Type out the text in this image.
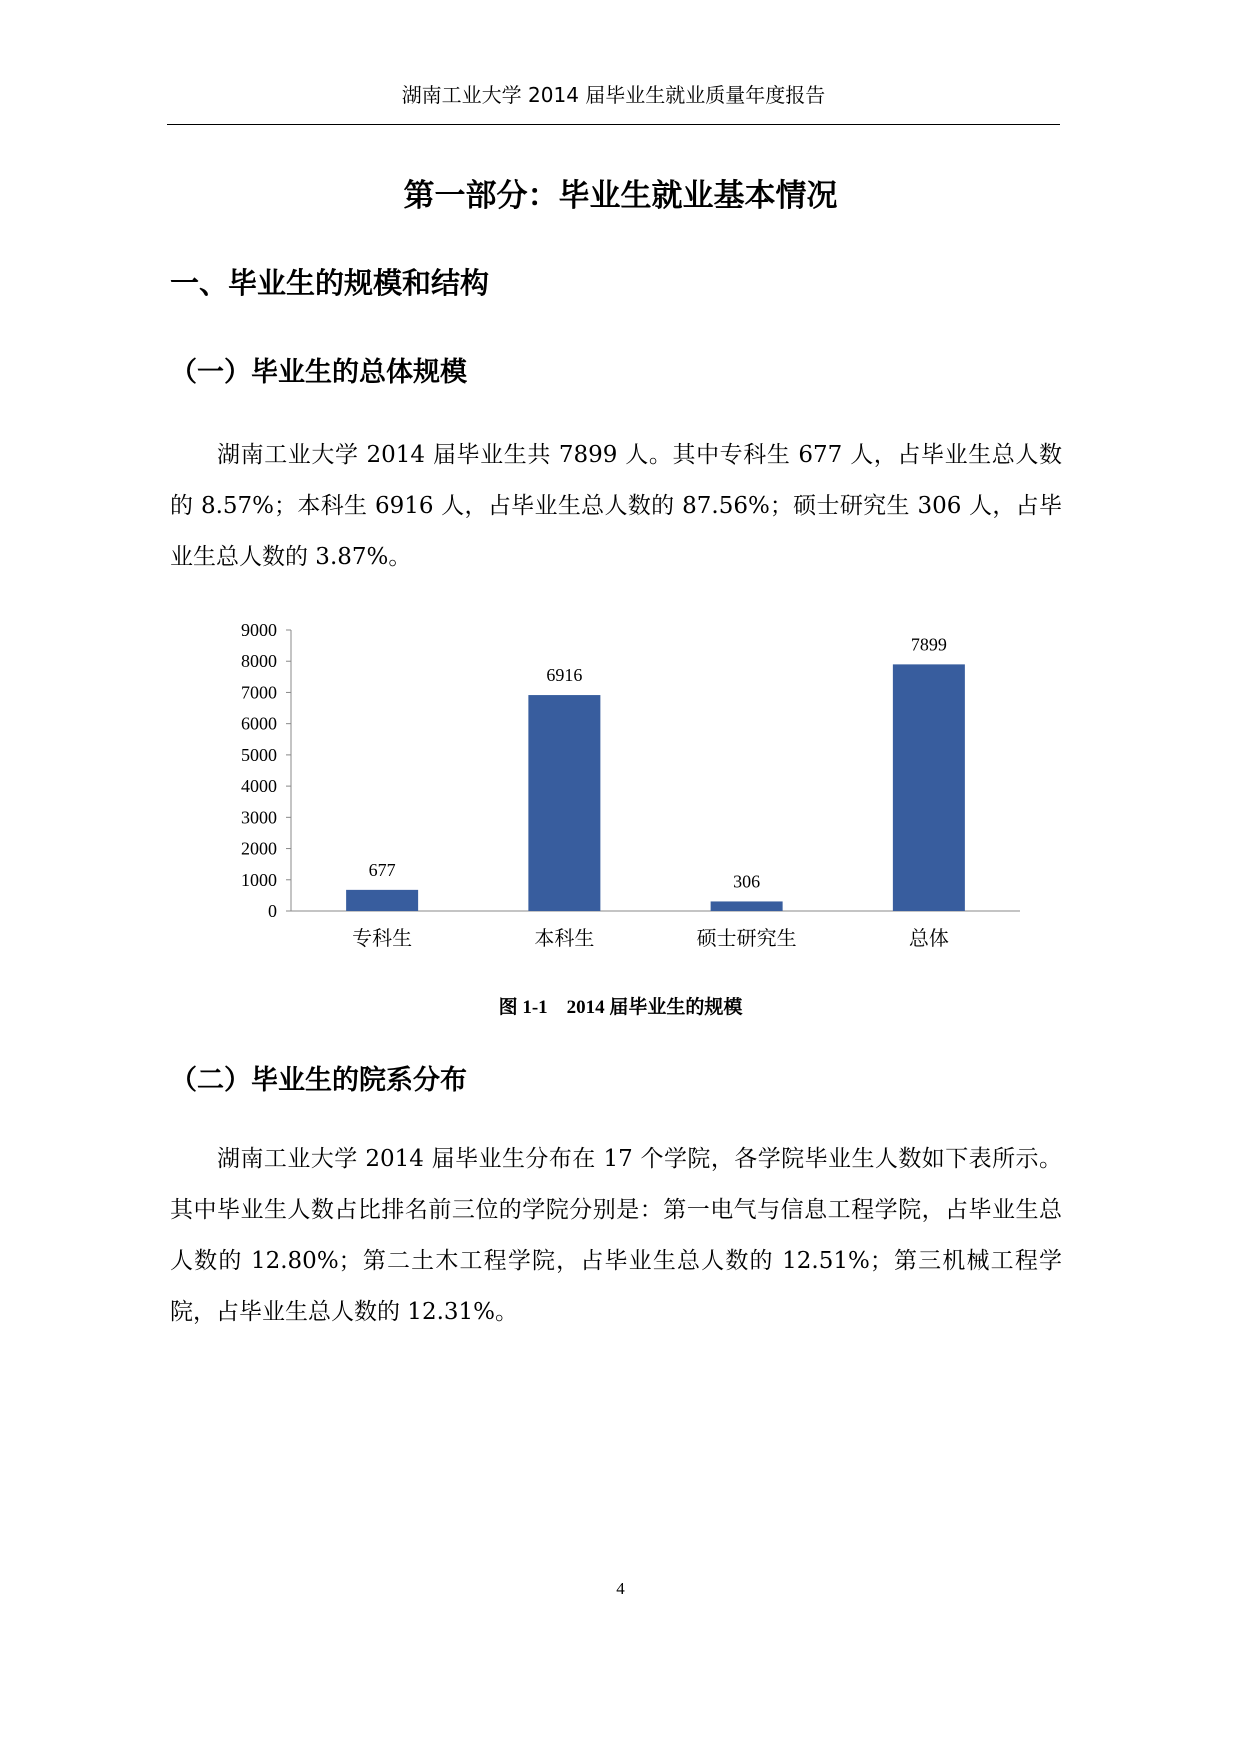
湖南工业大学 2014 届毕业生就业质量年度报告
第一部分：毕业生就业基本情况
一、毕业生的规模和结构
（一）毕业生的总体规模

湖南工业大学 2014 届毕业生共 7899 人。其中专科生 677 人，占毕业生总人数的 8.57%；本科生 6916 人，占毕业生总人数的 87.56%；硕士研究生 306 人，占毕业生总人数的 3.87%。

0
1000
2000
3000
4000
5000
6000
7000
8000
9000
677
6916
306
7899
专科生	本科生	硕士研究生	总体
图 1-1　2014 届毕业生的规模
（二）毕业生的院系分布

湖南工业大学 2014 届毕业生分布在 17 个学院，各学院毕业生人数如下表所示。其中毕业生人数占比排名前三位的学院分别是：第一电气与信息工程学院，占毕业生总人数的 12.80%；第二土木工程学院，占毕业生总人数的 12.51%；第三机械工程学院，占毕业生总人数的 12.31%。

4
